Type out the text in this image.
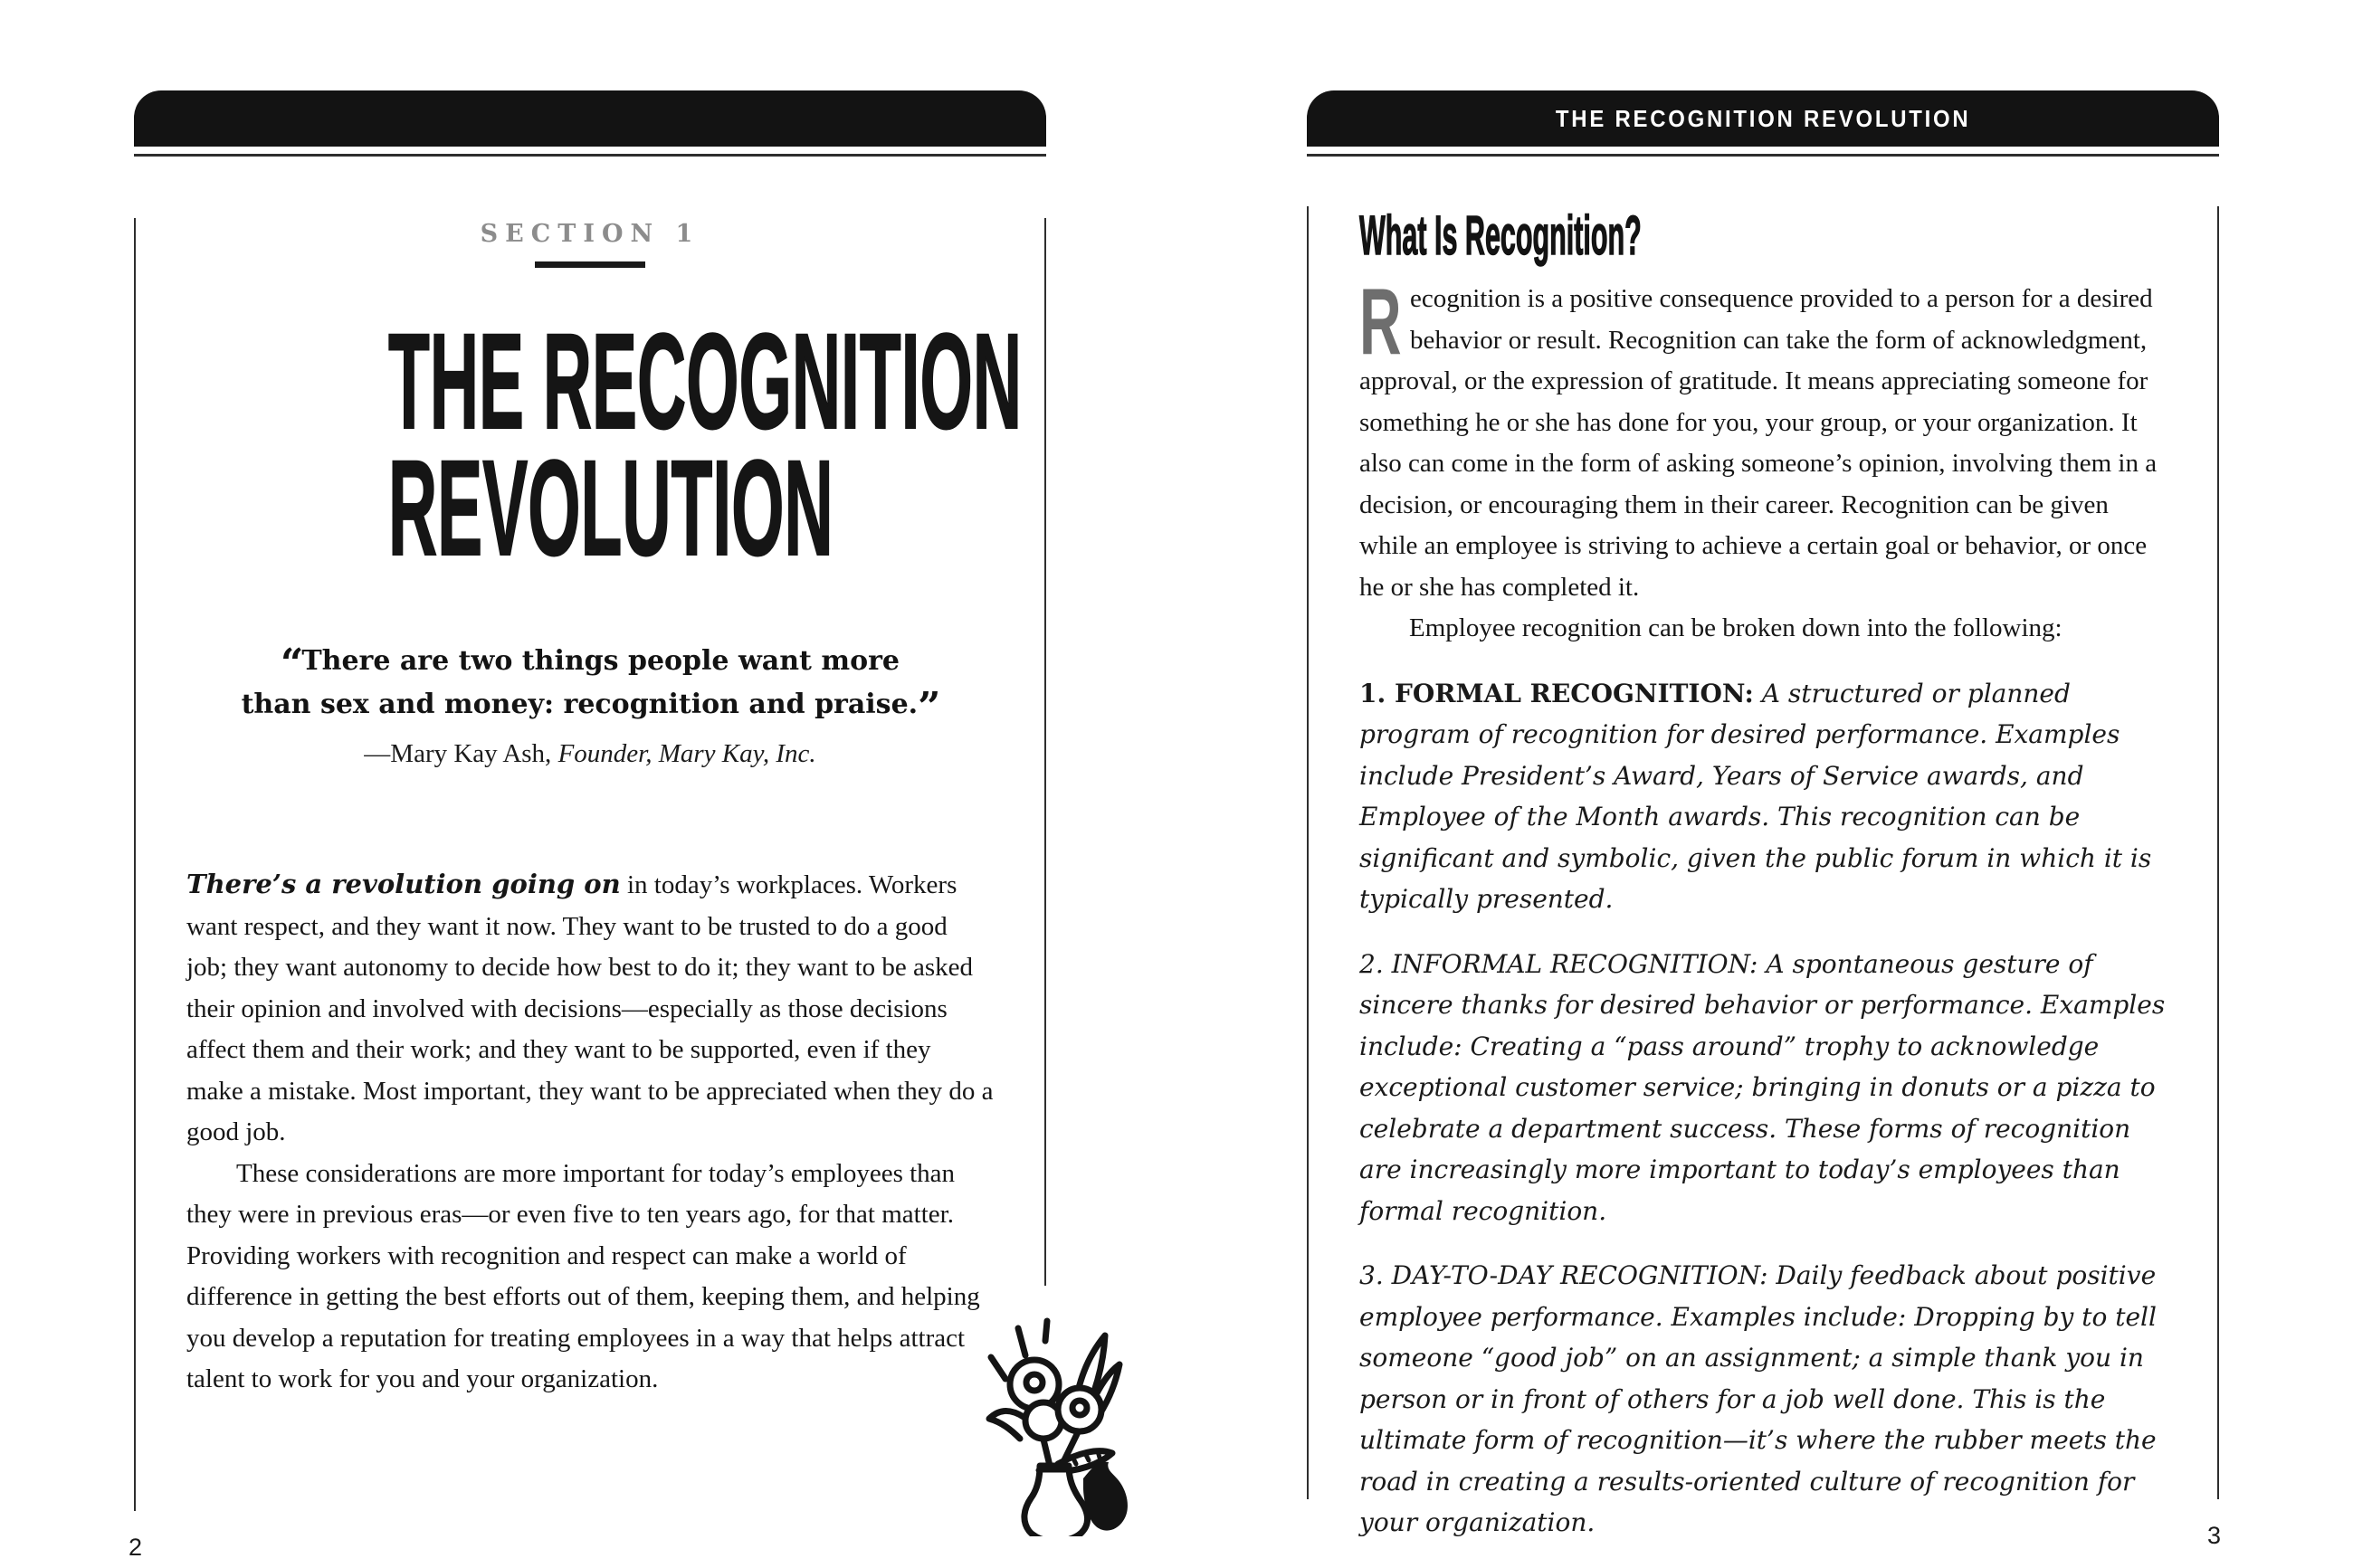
SECTION 1
THE RECOGNITION
REVOLUTION

“There are two things people want more
than sex and money: recognition and praise.”

—Mary Kay Ash, Founder, Mary Kay, Inc.

There’s a revolution going on in today’s workplaces. Workers want respect, and they want it now. They want to be trusted to do a good job; they want autonomy to decide how best to do it; they want to be asked their opinion and involved with decisions—especially as those decisions affect them and their work; and they want to be supported, even if they make a mistake. Most important, they want to be appreciated when they do a good job.

These considerations are more important for today’s employees than they were in previous eras—or even five to ten years ago, for that matter. Providing workers with recognition and respect can make a world of difference in getting the best efforts out of them, keeping them, and helping you develop a reputation for treating employees in a way that helps attract talent to work for you and your organization.

2
THE RECOGNITION REVOLUTION
What Is Recognition?

Recognition is a positive consequence provided to a person for a desired behavior or result. Recognition can take the form of acknowledgment, approval, or the expression of gratitude. It means appreciating someone for something he or she has done for you, your group, or your organization. It also can come in the form of asking someone’s opinion, involving them in a decision, or encouraging them in their career. Recognition can be given while an employee is striving to achieve a certain goal or behavior, or once he or she has completed it.

Employee recognition can be broken down into the following:

1. FORMAL RECOGNITION: A structured or planned program of recognition for desired performance. Examples include President’s Award, Years of Service awards, and Employee of the Month awards. This recognition can be significant and symbolic, given the public forum in which it is typically presented.

2. INFORMAL RECOGNITION: A spontaneous gesture of sincere thanks for desired behavior or performance. Examples include: Creating a “pass around” trophy to acknowledge exceptional customer service; bringing in donuts or a pizza to celebrate a department success. These forms of recognition are increasingly more important to today’s employees than formal recognition.

3. DAY-TO-DAY RECOGNITION: Daily feedback about positive employee performance. Examples include: Dropping by to tell someone “good job” on an assignment; a simple thank you in person or in front of others for a job well done. This is the ultimate form of recognition—it’s where the rubber meets the road in creating a results-oriented culture of recognition for your organization.	3
